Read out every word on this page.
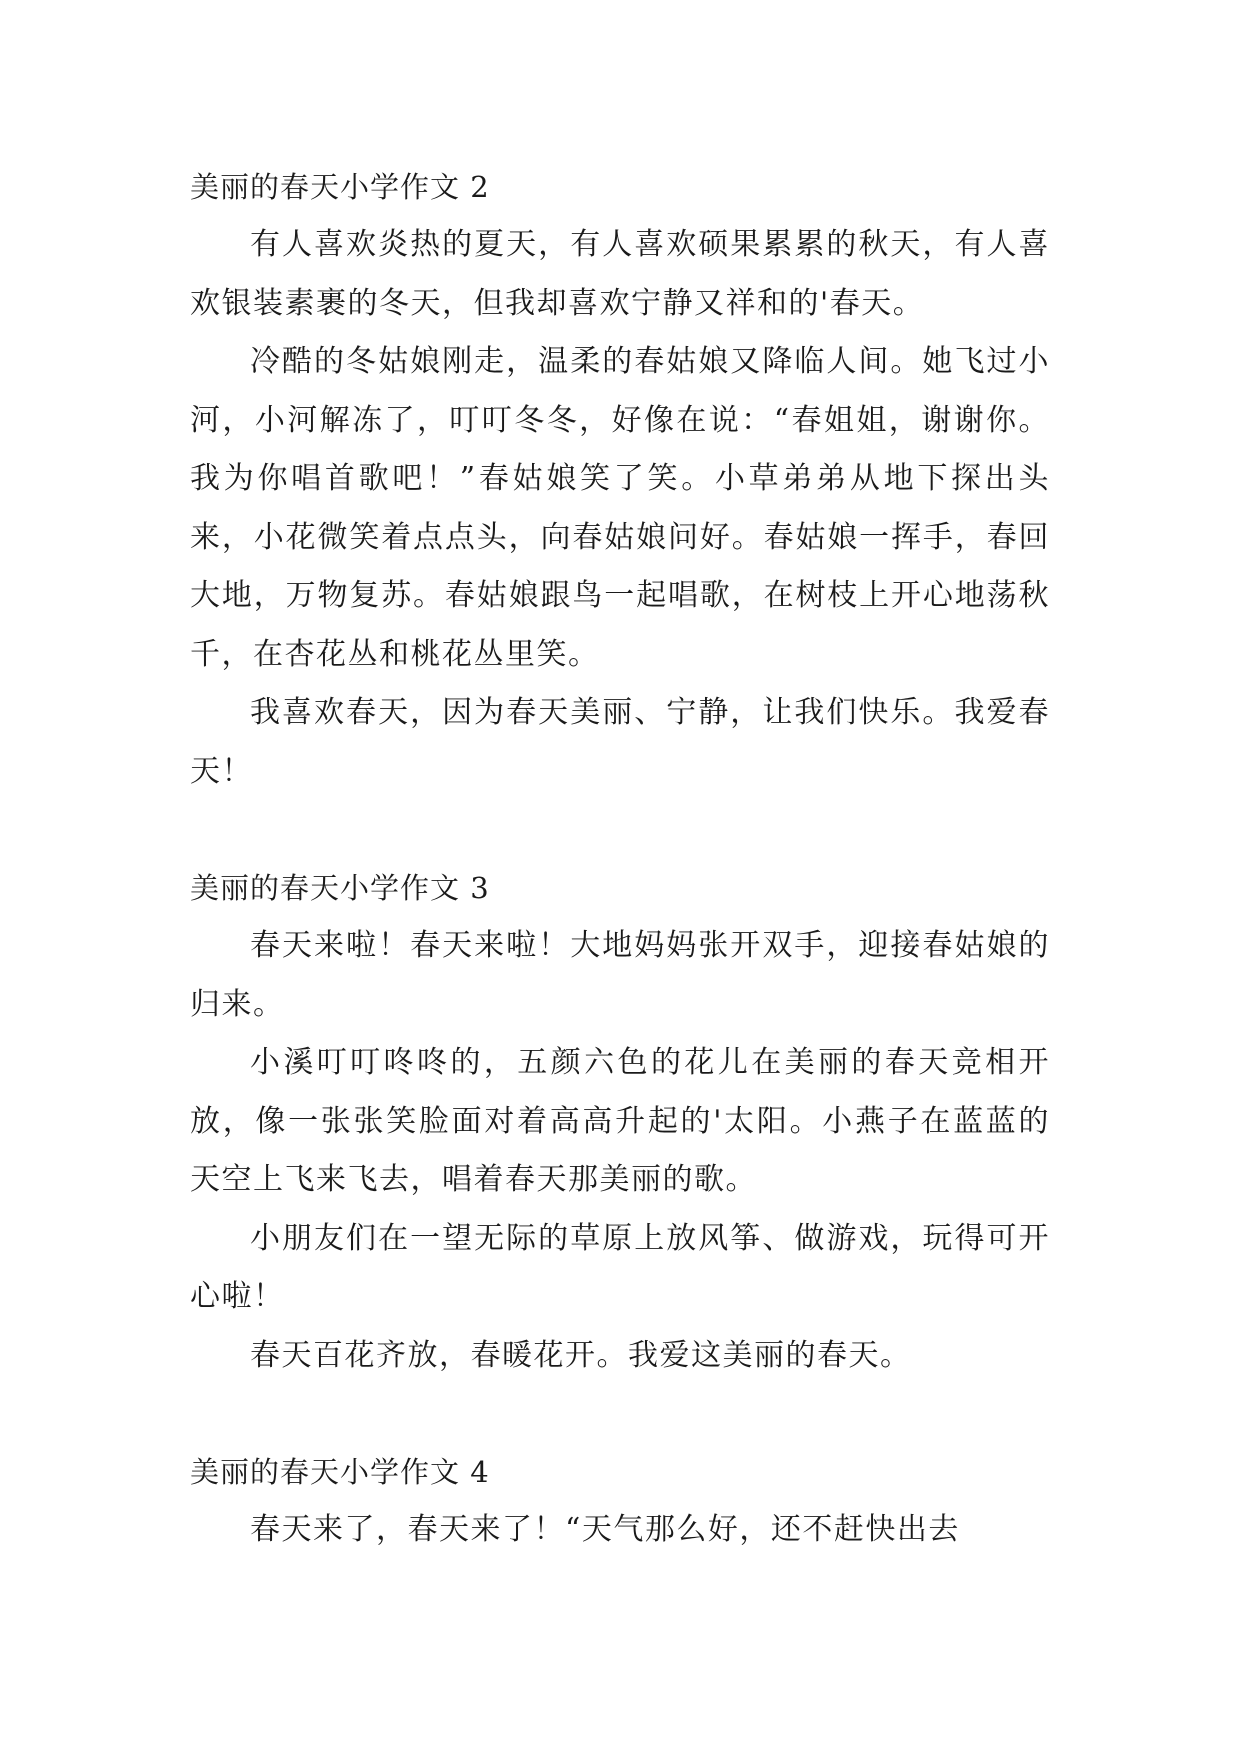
美丽的春天小学作文 2

有人喜欢炎热的夏天，有人喜欢硕果累累的秋天，有人喜欢银装素裹的冬天，但我却喜欢宁静又祥和的'春天。

冷酷的冬姑娘刚走，温柔的春姑娘又降临人间。她飞过小河，小河解冻了，叮叮冬冬，好像在说：“春姐姐，谢谢你。我为你唱首歌吧！”春姑娘笑了笑。小草弟弟从地下探出头来，小花微笑着点点头，向春姑娘问好。春姑娘一挥手，春回大地，万物复苏。春姑娘跟鸟一起唱歌，在树枝上开心地荡秋千，在杏花丛和桃花丛里笑。

我喜欢春天，因为春天美丽、宁静，让我们快乐。我爱春天！

美丽的春天小学作文 3

春天来啦！春天来啦！大地妈妈张开双手，迎接春姑娘的归来。

小溪叮叮咚咚的，五颜六色的花儿在美丽的春天竞相开放，像一张张笑脸面对着高高升起的'太阳。小燕子在蓝蓝的天空上飞来飞去，唱着春天那美丽的歌。

小朋友们在一望无际的草原上放风筝、做游戏，玩得可开心啦！

春天百花齐放，春暖花开。我爱这美丽的春天。

美丽的春天小学作文 4

春天来了，春天来了！“天气那么好，还不赶快出去
